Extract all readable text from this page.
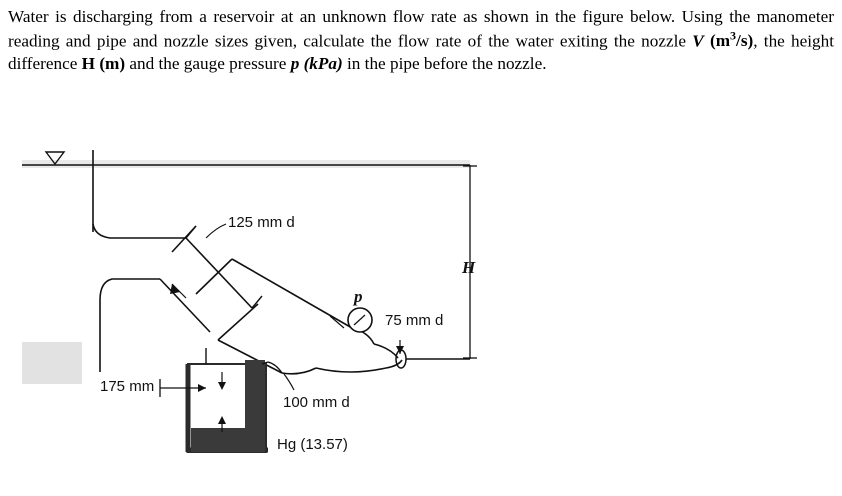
Water is discharging from a reservoir at an unknown flow rate as shown in the figure below. Using the manometer reading and pipe and nozzle sizes given, calculate the flow rate of the water exiting the nozzle V $(m^3/s)$, the height difference H (m) and the gauge pressure p (kPa) in the pipe before the nozzle.
125 mm d
75 mm d
100 mm d
175 mm
Hg (13.57)
H
p
